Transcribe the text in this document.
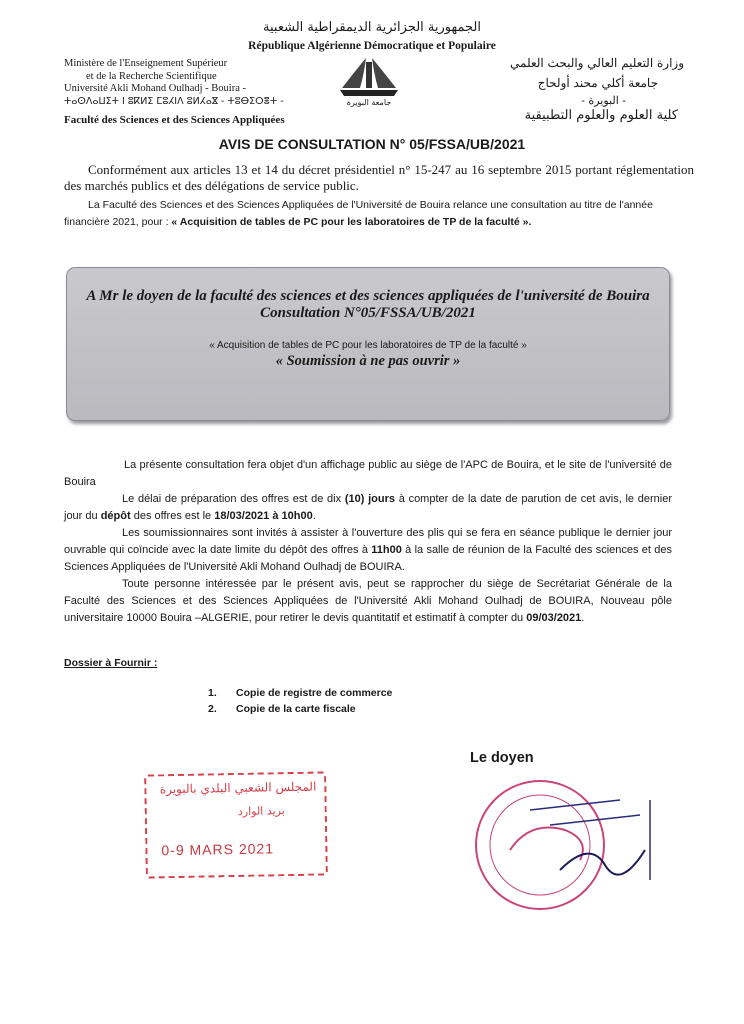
الجمهورية الجزائرية الديمقراطية الشعبية
République Algérienne Démocratique et Populaire
Ministère de l'Enseignement Supérieur
et de la Recherche Scientifique
Université Akli Mohand Oulhadj - Bouira -
ⵜⴰⵙⴷⴰⵡⵉⵜ ⵏ ⵓⴽⵍⵉ ⵎⵓⵃⵏⴷ ⵓⵍⵃⴰⴵ - ⵜⵓⴱⵉⵔⴻⵜ -
Faculté des Sciences et des Sciences Appliquées
جامعة البويرة
وزارة التعليم العالي والبحث العلمي
جامعة أكلي محند أولحاج
- البويرة -
كلية العلوم والعلوم التطبيقية
AVIS DE CONSULTATION N° 05/FSSA/UB/2021
Conformément aux articles 13 et 14 du décret présidentiel n° 15-247 au 16 septembre 2015 portant réglementation des marchés publics et des délégations de service public.
La Faculté des Sciences et des Sciences Appliquées de l'Université de Bouira relance une consultation au titre de l'année financière 2021, pour : « Acquisition de tables de PC pour les laboratoires de TP de la faculté ».
A Mr le doyen de la faculté des sciences et des sciences appliquées de l'université de Bouira
Consultation N°05/FSSA/UB/2021
« Acquisition de tables de PC pour les laboratoires de TP de la faculté »
« Soumission à ne pas ouvrir »

La présente consultation fera objet d'un affichage public au siège de l'APC de Bouira, et le site de l'université de Bouira

Le délai de préparation des offres est de dix (10) jours à compter de la date de parution de cet avis, le dernier jour du dépôt des offres est le 18/03/2021 à 10h00.

Les soumissionnaires sont invités à assister à l'ouverture des plis qui se fera en séance publique le dernier jour ouvrable qui coïncide avec la date limite du dépôt des offres à 11h00 à la salle de réunion de la Faculté des sciences et des Sciences Appliquées de l'Université Akli Mohand Oulhadj de BOUIRA.

Toute personne intéressée par le présent avis, peut se rapprocher du siège de Secrétariat Générale de la Faculté des Sciences et des Sciences Appliquées de l'Université Akli Mohand Oulhadj de BOUIRA, Nouveau pôle universitaire 10000 Bouira –ALGERIE, pour retirer le devis quantitatif et estimatif à compter du 09/03/2021.

Dossier à Fournir :
1. Copie de registre de commerce
2. Copie de la carte fiscale
Le doyen
المجلس الشعبي البلدي بالبويرة
بريد الوارد
0-9 MARS 2021
